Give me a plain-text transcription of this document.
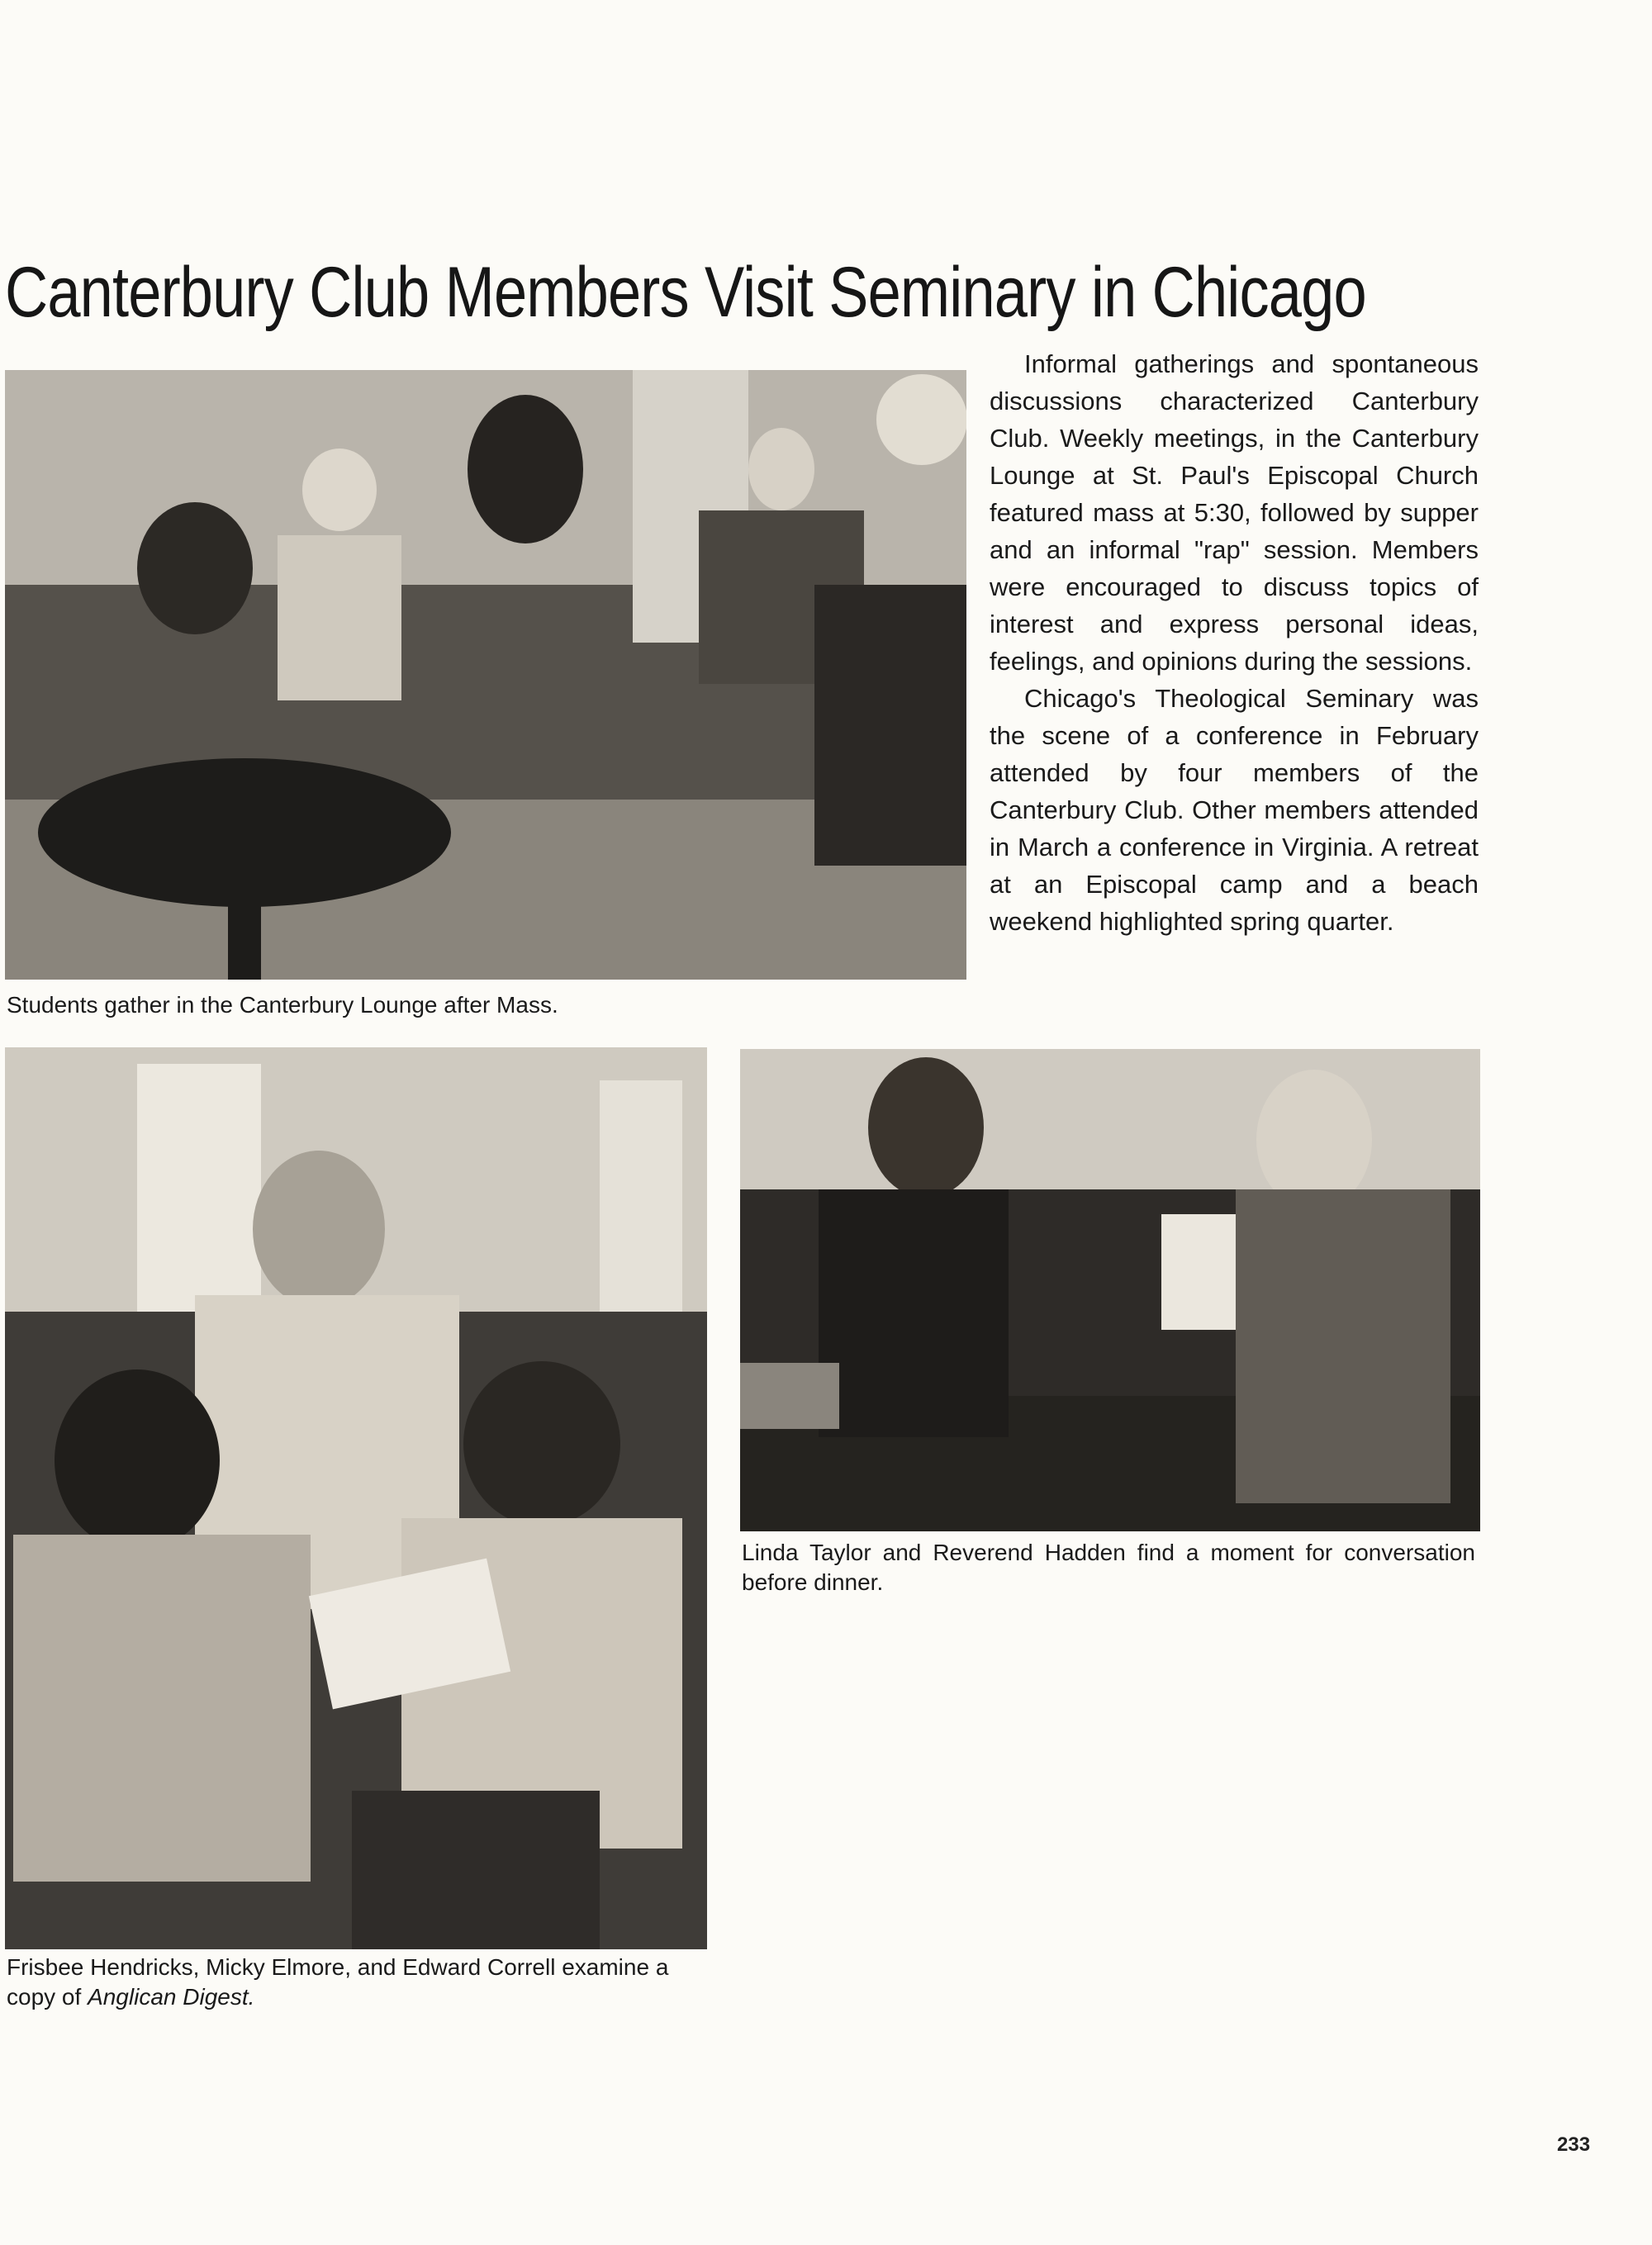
Canterbury Club Members Visit Seminary in Chicago

Students gather in the Canterbury Lounge after Mass.

Informal gatherings and spontaneous discussions characterized Canterbury Club. Weekly meetings, in the Canterbury Lounge at St. Paul's Episcopal Church featured mass at 5:30, followed by supper and an informal "rap" session. Members were encouraged to discuss topics of interest and express personal ideas, feelings, and opinions during the sessions.

Chicago's Theological Seminary was the scene of a conference in February attended by four members of the Canterbury Club. Other members attended in March a conference in Virginia. A retreat at an Episcopal camp and a beach weekend highlighted spring quarter.

Frisbee Hendricks, Micky Elmore, and Edward Correll examine a copy of Anglican Digest.

Linda Taylor and Reverend Hadden find a moment for conversation before dinner.

233
